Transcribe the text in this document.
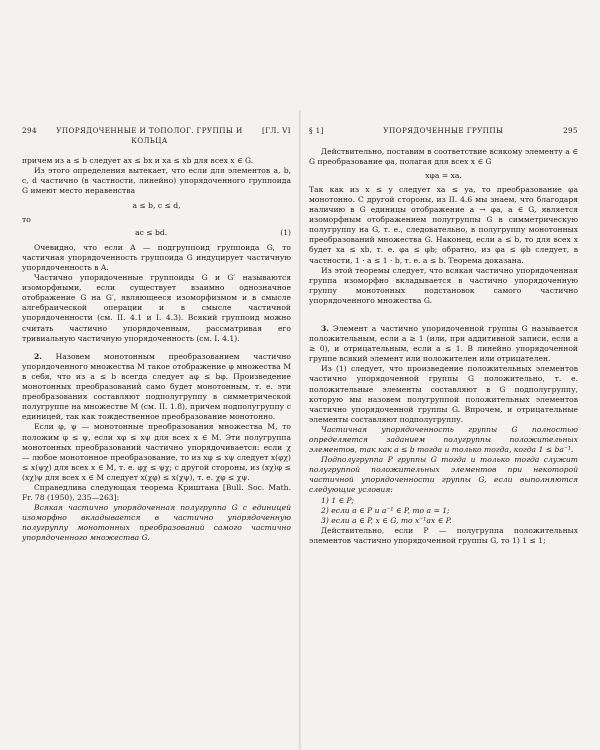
294	УПОРЯДОЧЕННЫЕ И ТОПОЛОГ. ГРУППЫ И КОЛЬЦА
[ГЛ. VI

причем из a ≤ b следует ax ≤ bx и xa ≤ xb для всех x ∈ G.

Из этого определения вытекает, что если для элементов a, b, c, d частично (в частности, линейно) упорядоченного группоида G имеют место неравенства

a ≤ b, c ≤ d,

то

ac ≤ bd.	(1)

Очевидно, что если A — подгруппоид группоида G, то частичная упорядоченность группоида G индуцирует частичную упорядоченность в A.

Частично упорядоченные группоиды G и G′ называются изоморфными, если существует взаимно однозначное отображение G на G′, являющееся изоморфизмом и в смысле алгебраической операции и в смысле частичной упорядоченности (см. II. 4.1 и I. 4.3). Всякий группоид можно считать частично упорядоченным, рассматривая его тривиальную частичную упорядоченность (см. I. 4.1).

2. Назовем монотонным преобразованием частично упорядоченного множества M такое отображение φ множества M в себя, что из a ≤ b всегда следует aφ ≤ bφ. Произведение монотонных преобразований само будет монотонным, т. е. эти преобразования составляют подполугруппу в симметрической полугруппе на множестве M (см. II. 1.8), причем подполугруппу с единицей, так как тождественное преобразование монотонно.

Если φ, ψ — монотонные преобразования множества M, то положим φ ≤ ψ, если xφ ≤ xψ для всех x ∈ M. Эти полугруппа монотонных преобразований частично упорядочивается: если χ — любое монотонное преобразование, то из xφ ≤ xψ следует x(φχ) ≤ x(ψχ) для всех x ∈ M, т. е. φχ ≤ ψχ; с другой стороны, из (xχ)φ ≤ (xχ)ψ для всех x ∈ M следует x(χφ) ≤ x(χψ), т. е. χφ ≤ χψ.

Справедлива следующая теорема Криштана [Bull. Soc. Math. Fr. 78 (1950), 235—263]:

Всякая частично упорядоченная полугруппа G с единицей изоморфно вкладывается в частично упорядоченную полугруппу монотонных преобразований самого частично упорядоченного множества G.

§ 1]	УПОРЯДОЧЕННЫЕ ГРУППЫ	295

Действительно, поставим в соответствие всякому элементу a ∈ G преобразование φa, полагая для всех x ∈ G

xφa = xa.

Так как из x ≤ y следует xa ≤ ya, то преобразование φa монотонно. С другой стороны, из II. 4.6 мы знаем, что благодаря наличию в G единицы отображение a → φa, a ∈ G, является изоморфным отображением полугруппы G в симметрическую полугруппу на G, т. е., следовательно, в полугруппу монотонных преобразований множества G. Наконец, если a ≤ b, то для всех x будет xa ≤ xb, т. е. φa ≤ φb; обратно, из φa ≤ φb следует, в частности, 1 · a ≤ 1 · b, т. е. a ≤ b. Теорема доказана.

Из этой теоремы следует, что всякая частично упорядоченная группа изоморфно вкладывается в частично упорядоченную группу монотонных подстановок самого частично упорядоченного множества G.

3. Элемент a частично упорядоченной группы G называется положительным, если a ≥ 1 (или, при аддитивной записи, если a ≥ 0), и отрицательным, если a ≤ 1. В линейно упорядоченной группе всякий элемент или положителен или отрицателен.

Из (1) следует, что произведение положительных элементов частично упорядоченной группы G положительно, т. е. положительные элементы составляют в G подполугруппу, которую мы назовем полугруппой положительных элементов частично упорядоченной группы G. Впрочем, и отрицательные элементы составляют подполугруппу.

Частичная упорядоченность группы G полностью определяется заданием полугруппы положительных элементов, так как a ≤ b тогда и только тогда, когда 1 ≤ ba⁻¹.

Подполугруппа P группы G тогда и только тогда служит полугруппой положительных элементов при некоторой частичной упорядоченности группы G, если выполняются следующие условия:

1) 1 ∈ P;

2) если a ∈ P и a⁻¹ ∈ P, то a = 1;

3) если a ∈ P, x ∈ G, то x⁻¹ax ∈ P.

Действительно, если P — полугруппа положительных элементов частично упорядоченной группы G, то 1) 1 ≤ 1;
